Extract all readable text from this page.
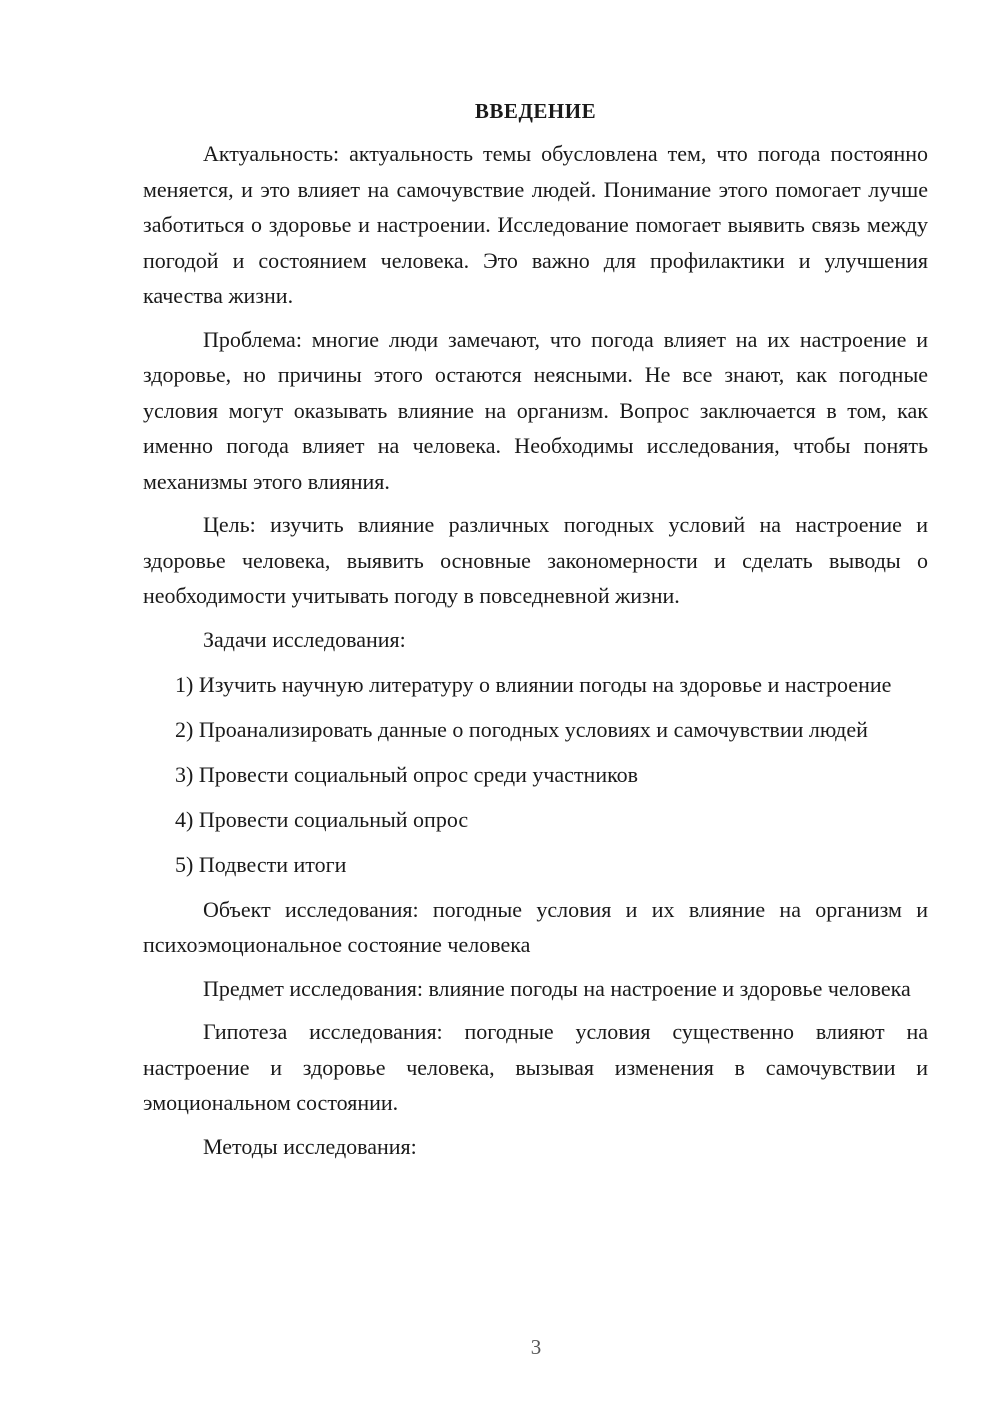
ВВЕДЕНИЕ

Актуальность: актуальность темы обусловлена тем, что погода постоянно меняется, и это влияет на самочувствие людей. Понимание этого помогает лучше заботиться о здоровье и настроении. Исследование помогает выявить связь между погодой и состоянием человека. Это важно для профилактики и улучшения качества жизни.

Проблема: многие люди замечают, что погода влияет на их настроение и здоровье, но причины этого остаются неясными. Не все знают, как погодные условия могут оказывать влияние на организм. Вопрос заключается в том, как именно погода влияет на человека. Необходимы исследования, чтобы понять механизмы этого влияния.

Цель: изучить влияние различных погодных условий на настроение и здоровье человека, выявить основные закономерности и сделать выводы о необходимости учитывать погоду в повседневной жизни.

Задачи исследования:

1) Изучить научную литературу о влиянии погоды на здоровье и настроение

2) Проанализировать данные о погодных условиях и самочувствии людей

3) Провести социальный опрос среди участников

4) Провести социальный опрос

5) Подвести итоги

Объект исследования: погодные условия и их влияние на организм и психоэмоциональное состояние человека

Предмет исследования: влияние погоды на настроение и здоровье человека

Гипотеза исследования: погодные условия существенно влияют на настроение и здоровье человека, вызывая изменения в самочувствии и эмоциональном состоянии.

Методы исследования:

3
